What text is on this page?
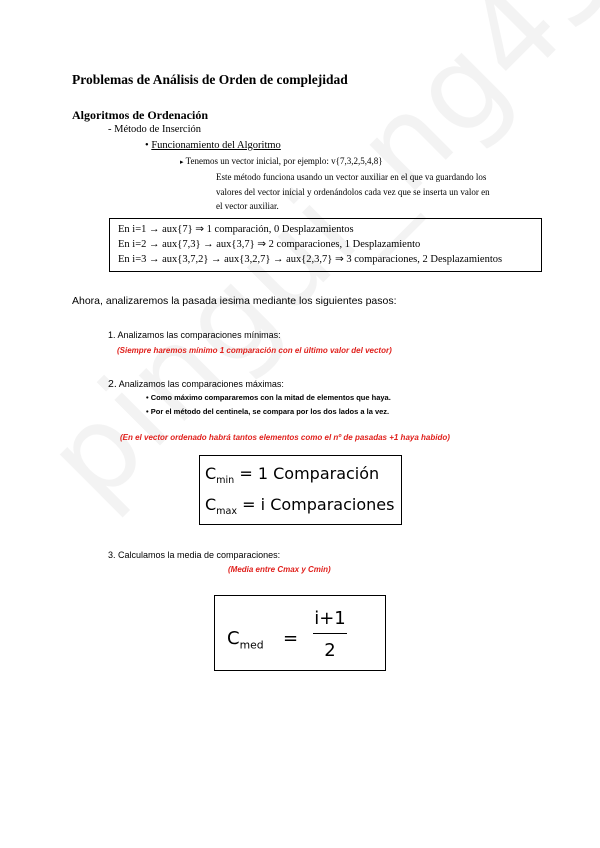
Problemas de Análisis de Orden de complejidad
Algoritmos de Ordenación
- Método de Inserción
• Funcionamiento del Algoritmo
▸ Tenemos un vector inicial, por ejemplo: v{7,3,2,5,4,8}
Este método funciona usando un vector auxiliar en el que va guardando los
valores del vector inicial y ordenándolos cada vez que se inserta un valor en
el vector auxiliar.
En i=1 → aux{7} ⇒ 1 comparación, 0 Desplazamientos
En i=2 → aux{7,3} → aux{3,7} ⇒ 2 comparaciones, 1 Desplazamiento
En i=3 → aux{3,7,2} → aux{3,2,7} → aux{2,3,7} ⇒ 3 comparaciones, 2 Desplazamientos
Ahora, analizaremos la pasada iesima mediante los siguientes pasos:
1. Analizamos las comparaciones mínimas:
(Siempre haremos mínimo 1 comparación con el último valor del vector)
2. Analizamos las comparaciones máximas:
• Como máximo compararemos con la mitad de elementos que haya.
• Por el método del centinela, se compara por los dos lados a la vez.
(En el vector ordenado habrá tantos elementos como el nº de pasadas +1 haya habido)
$C_{min} = 1$ Comparación
$C_{max} = i$ Comparaciones
3. Calculamos la media de comparaciones:
(Media entre Cmax y Cmin)
$C_{med}$ =
i+1
2
